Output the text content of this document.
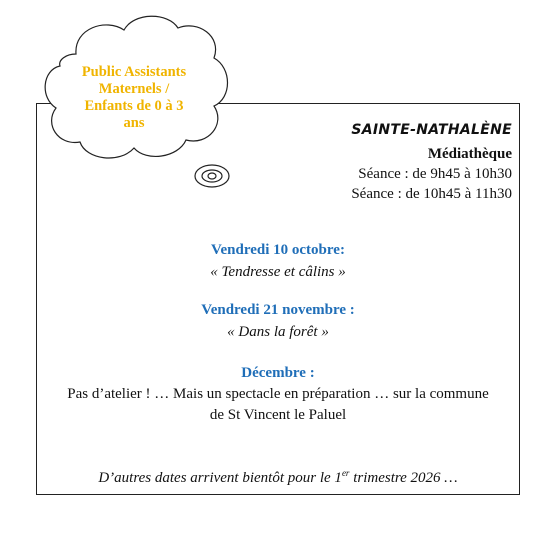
Public Assistants
Maternels /
Enfants de 0 à 3
ans	SAINTE-NATHALÈNE
Médiathèque
Séance : de 9h45 à 10h30
Séance : de 10h45 à 11h30
Vendredi 10 octobre:
« Tendresse et câlins »
Vendredi 21 novembre :
« Dans la forêt »
Décembre :
Pas d’atelier ! … Mais un spectacle en préparation … sur la commune
de St Vincent le Paluel
D’autres dates arrivent bientôt pour le 1er trimestre 2026 …
